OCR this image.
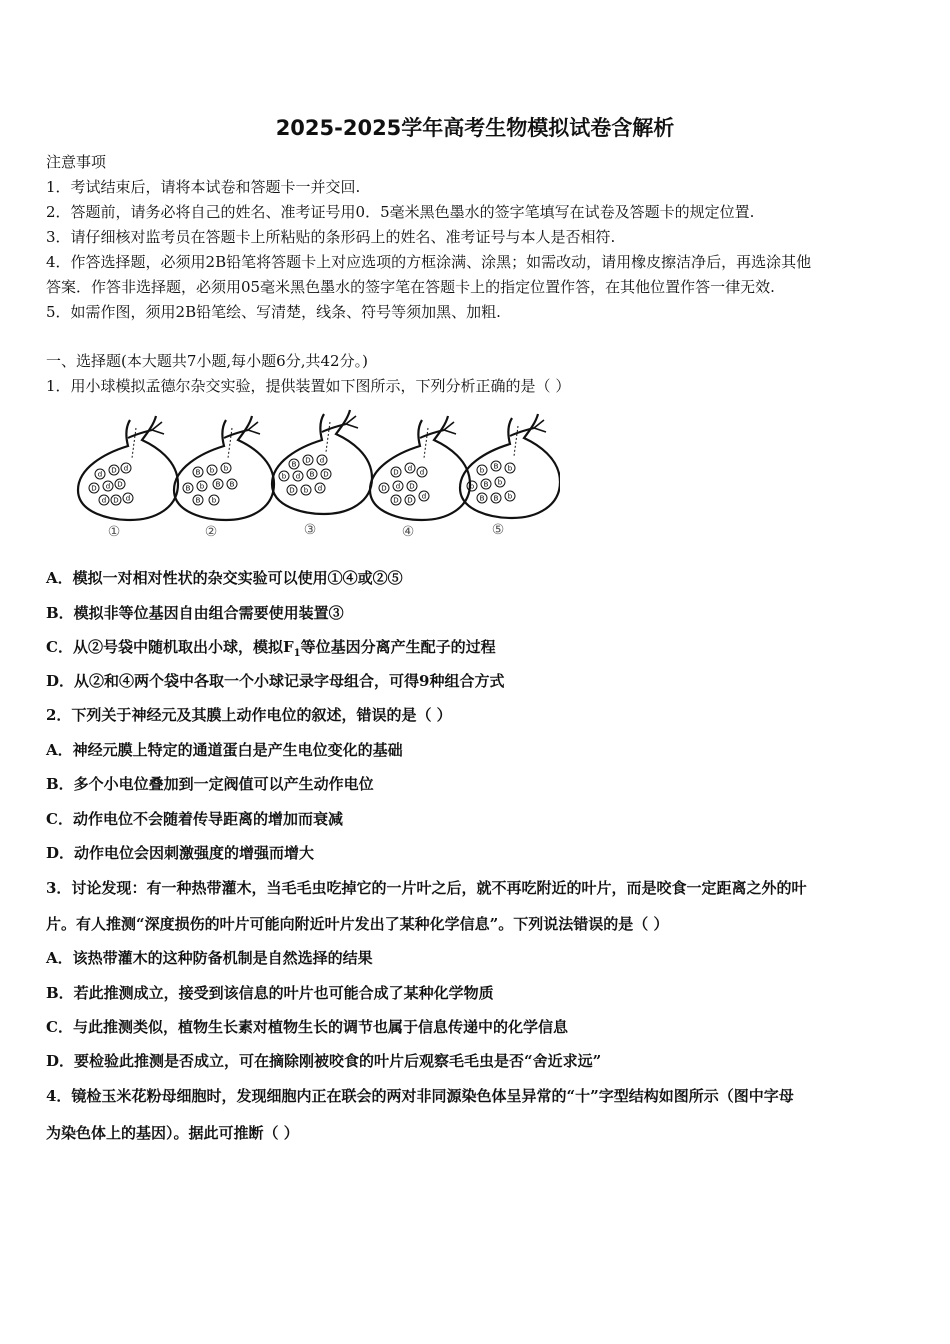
2025-2025学年高考生物模拟试卷含解析
注意事项
1．考试结束后，请将本试卷和答题卡一并交回.
2．答题前，请务必将自己的姓名、准考证号用0．5毫米黑色墨水的签字笔填写在试卷及答题卡的规定位置.
3．请仔细核对监考员在答题卡上所粘贴的条形码上的姓名、准考证号与本人是否相符.
4．作答选择题，必须用2B铅笔将答题卡上对应选项的方框涂满、涂黑；如需改动，请用橡皮擦洁净后，再选涂其他
答案．作答非选择题，必须用05毫米黑色墨水的签字笔在答题卡上的指定位置作答，在其他位置作答一律无效.
5．如需作图，须用2B铅笔绘、写清楚，线条、符号等须加黑、加粗.
一、选择题(本大题共7小题,每小题6分,共42分。)
1．用小球模拟孟德尔杂交实验，提供装置如下图所示，下列分析正确的是（ ）
d D d
D d D
d D d
B b b
B b B B
B b
B D d
b d B D
D b d
D d d
D d D
D D d
b B b
b B b
B B b
①	②	③	④	⑤
A．模拟一对相对性状的杂交实验可以使用①④或②⑤
B．模拟非等位基因自由组合需要使用装置③
C．从②号袋中随机取出小球，模拟$F_1$等位基因分离产生配子的过程
D．从②和④两个袋中各取一个小球记录字母组合，可得9种组合方式
2．下列关于神经元及其膜上动作电位的叙述，错误的是（ ）
A．神经元膜上特定的通道蛋白是产生电位变化的基础
B．多个小电位叠加到一定阀值可以产生动作电位
C．动作电位不会随着传导距离的增加而衰减
D．动作电位会因刺激强度的增强而增大
3．讨论发现：有一种热带灌木，当毛毛虫吃掉它的一片叶之后，就不再吃附近的叶片，而是咬食一定距离之外的叶
片。有人推测“深度损伤的叶片可能向附近叶片发出了某种化学信息”。下列说法错误的是（ ）
A．该热带灌木的这种防备机制是自然选择的结果
B．若此推测成立，接受到该信息的叶片也可能合成了某种化学物质
C．与此推测类似，植物生长素对植物生长的调节也属于信息传递中的化学信息
D．要检验此推测是否成立，可在摘除刚被咬食的叶片后观察毛毛虫是否“舍近求远”
4．镜检玉米花粉母细胞时，发现细胞内正在联会的两对非同源染色体呈异常的“十”字型结构如图所示（图中字母
为染色体上的基因）。据此可推断（ ）
